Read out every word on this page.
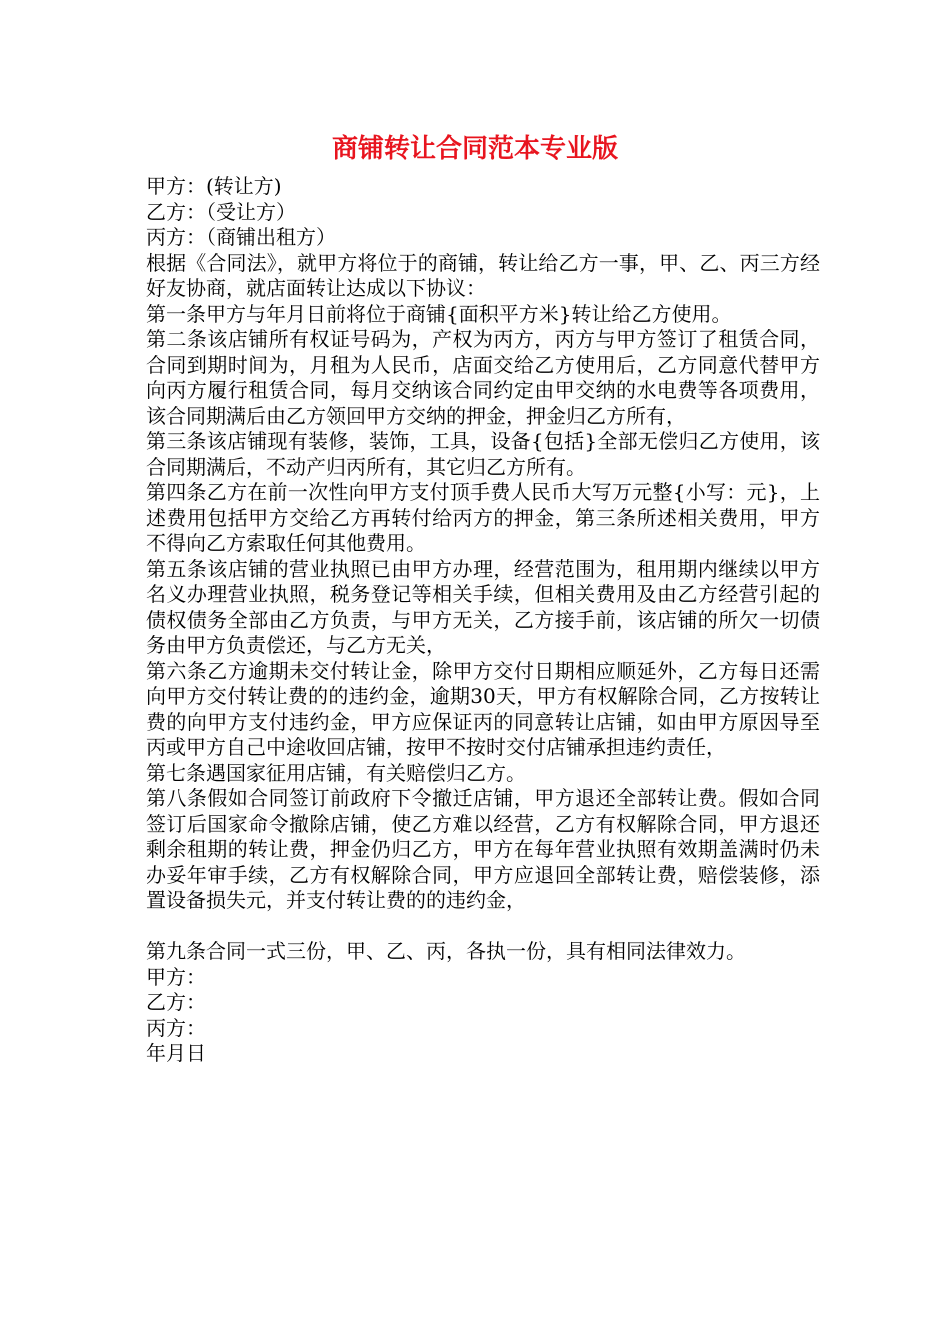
商铺转让合同范本专业版

甲方：(转让方)

乙方：（受让方）

丙方：（商铺出租方）

根据《合同法》，就甲方将位于的商铺，转让给乙方一事，甲、乙、丙三方经好友协商，就店面转让达成以下协议：

第一条甲方与年月日前将位于商铺{面积平方米}转让给乙方使用。

第二条该店铺所有权证号码为，产权为丙方，丙方与甲方签订了租赁合同，合同到期时间为，月租为人民币，店面交给乙方使用后，乙方同意代替甲方向丙方履行租赁合同，每月交纳该合同约定由甲交纳的水电费等各项费用，该合同期满后由乙方领回甲方交纳的押金，押金归乙方所有，

第三条该店铺现有装修，装饰，工具，设备{包括}全部无偿归乙方使用，该合同期满后，不动产归丙所有，其它归乙方所有。

第四条乙方在前一次性向甲方支付顶手费人民币大写万元整{小写：元}，上述费用包括甲方交给乙方再转付给丙方的押金，第三条所述相关费用，甲方不得向乙方索取任何其他费用。

第五条该店铺的营业执照已由甲方办理，经营范围为，租用期内继续以甲方名义办理营业执照，税务登记等相关手续，但相关费用及由乙方经营引起的债权债务全部由乙方负责，与甲方无关，乙方接手前，该店铺的所欠一切债务由甲方负责偿还，与乙方无关，

第六条乙方逾期未交付转让金，除甲方交付日期相应顺延外，乙方每日还需向甲方交付转让费的的违约金，逾期30天，甲方有权解除合同，乙方按转让费的向甲方支付违约金，甲方应保证丙的同意转让店铺，如由甲方原因导至丙或甲方自己中途收回店铺，按甲不按时交付店铺承担违约责任，

第七条遇国家征用店铺，有关赔偿归乙方。

第八条假如合同签订前政府下令撤迁店铺，甲方退还全部转让费。假如合同签订后国家命令撤除店铺，使乙方难以经营，乙方有权解除合同，甲方退还剩余租期的转让费，押金仍归乙方，甲方在每年营业执照有效期盖满时仍未办妥年审手续，乙方有权解除合同，甲方应退回全部转让费，赔偿装修，添置设备损失元，并支付转让费的的违约金，

第九条合同一式三份，甲、乙、丙，各执一份，具有相同法律效力。

甲方：

乙方：

丙方：

年月日
